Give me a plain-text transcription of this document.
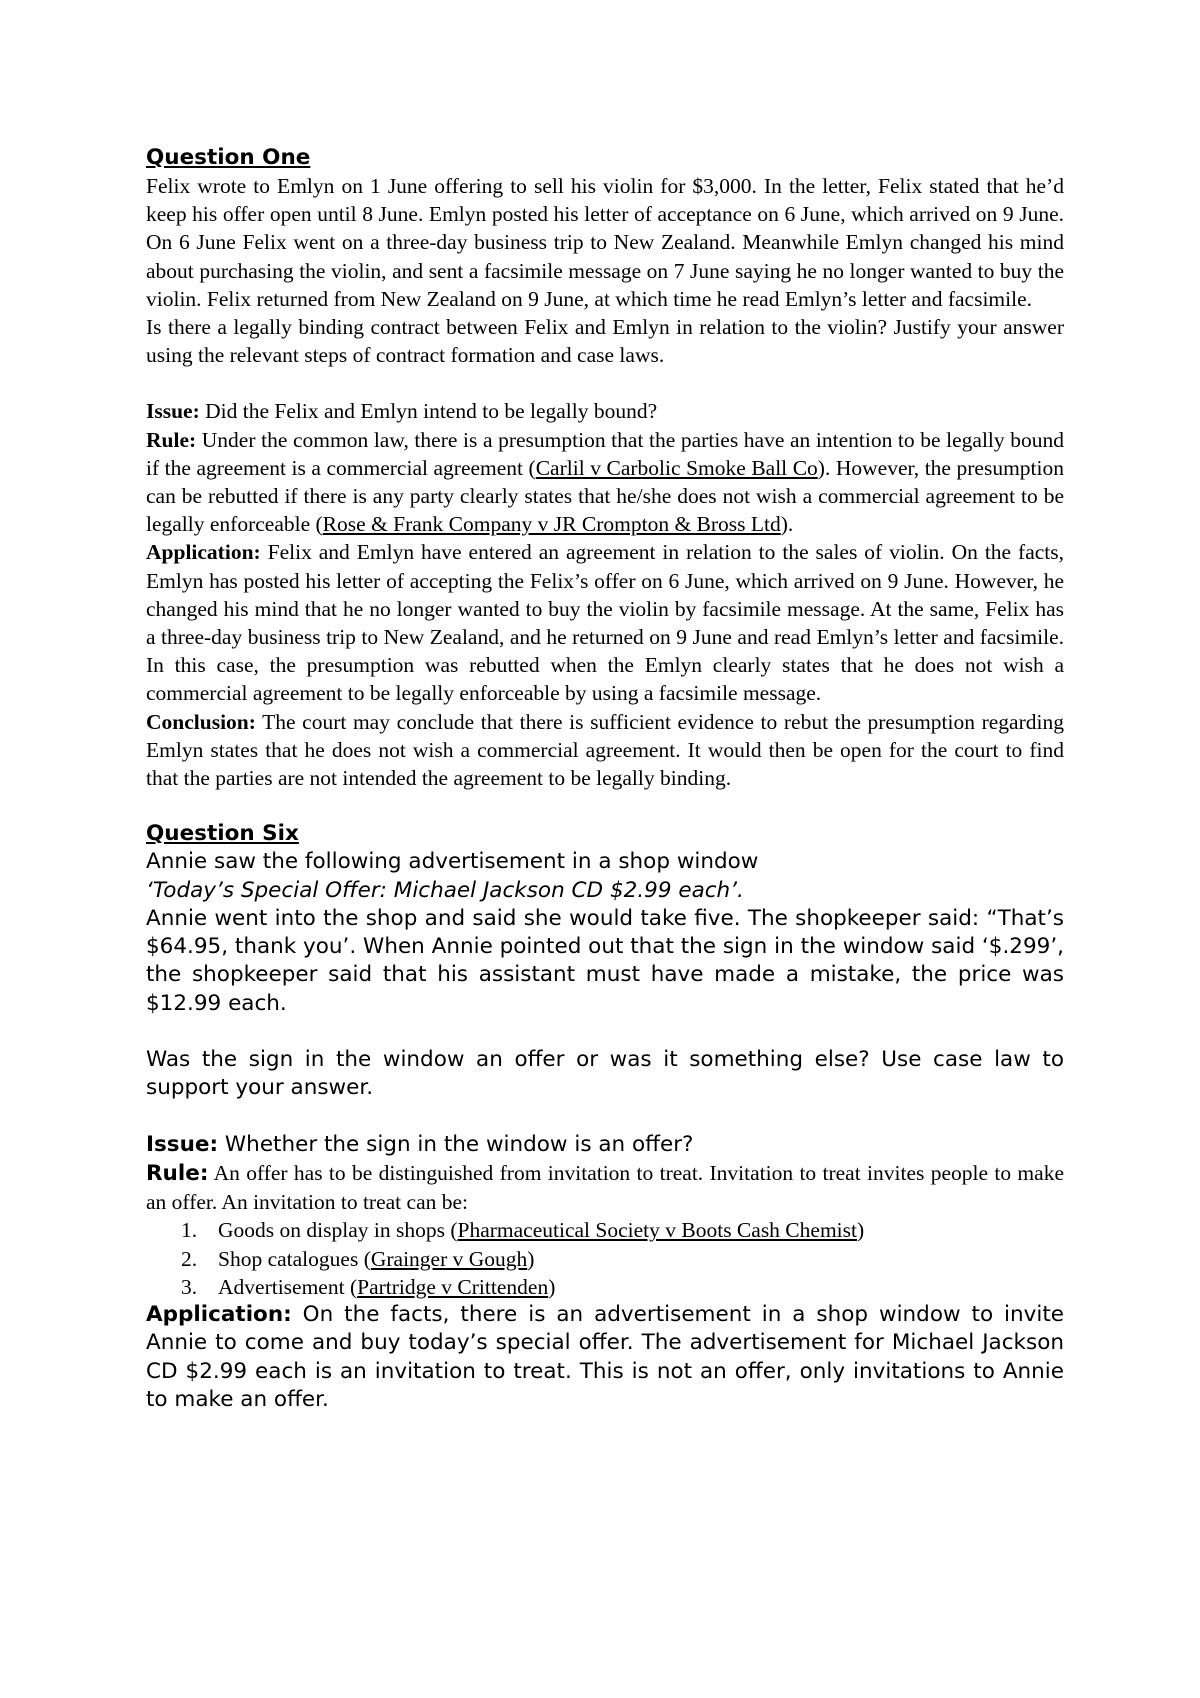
Question One

Felix wrote to Emlyn on 1 June offering to sell his violin for $3,000. In the letter, Felix stated that he’d keep his offer open until 8 June. Emlyn posted his letter of acceptance on 6 June, which arrived on 9 June. On 6 June Felix went on a three-day business trip to New Zealand. Meanwhile Emlyn changed his mind about purchasing the violin, and sent a facsimile message on 7 June saying he no longer wanted to buy the violin. Felix returned from New Zealand on 9 June, at which time he read Emlyn’s letter and facsimile.

Is there a legally binding contract between Felix and Emlyn in relation to the violin? Justify your answer using the relevant steps of contract formation and case laws.

Issue: Did the Felix and Emlyn intend to be legally bound?

Rule: Under the common law, there is a presumption that the parties have an intention to be legally bound if the agreement is a commercial agreement (Carlil v Carbolic Smoke Ball Co). However, the presumption can be rebutted if there is any party clearly states that he/she does not wish a commercial agreement to be legally enforceable (Rose & Frank Company v JR Crompton & Bross Ltd).

Application: Felix and Emlyn have entered an agreement in relation to the sales of violin. On the facts, Emlyn has posted his letter of accepting the Felix’s offer on 6 June, which arrived on 9 June. However, he changed his mind that he no longer wanted to buy the violin by facsimile message. At the same, Felix has a three-day business trip to New Zealand, and he returned on 9 June and read Emlyn’s letter and facsimile. In this case, the presumption was rebutted when the Emlyn clearly states that he does not wish a commercial agreement to be legally enforceable by using a facsimile message.

Conclusion: The court may conclude that there is sufficient evidence to rebut the presumption regarding Emlyn states that he does not wish a commercial agreement. It would then be open for the court to find that the parties are not intended the agreement to be legally binding.

Question Six

Annie saw the following advertisement in a shop window

‘Today’s Special Offer: Michael Jackson CD $2.99 each’.

Annie went into the shop and said she would take five. The shopkeeper said: “That’s $64.95, thank you’. When Annie pointed out that the sign in the window said ‘$.299’, the shopkeeper said that his assistant must have made a mistake, the price was $12.99 each.

Was the sign in the window an offer or was it something else? Use case law to support your answer.

Issue: Whether the sign in the window is an offer?

Rule: An offer has to be distinguished from invitation to treat. Invitation to treat invites people to make an offer. An invitation to treat can be:

Goods on display in shops (Pharmaceutical Society v Boots Cash Chemist)
Shop catalogues (Grainger v Gough)
Advertisement (Partridge v Crittenden)

Application: On the facts, there is an advertisement in a shop window to invite Annie to come and buy today’s special offer. The advertisement for Michael Jackson CD $2.99 each is an invitation to treat. This is not an offer, only invitations to Annie to make an offer.
